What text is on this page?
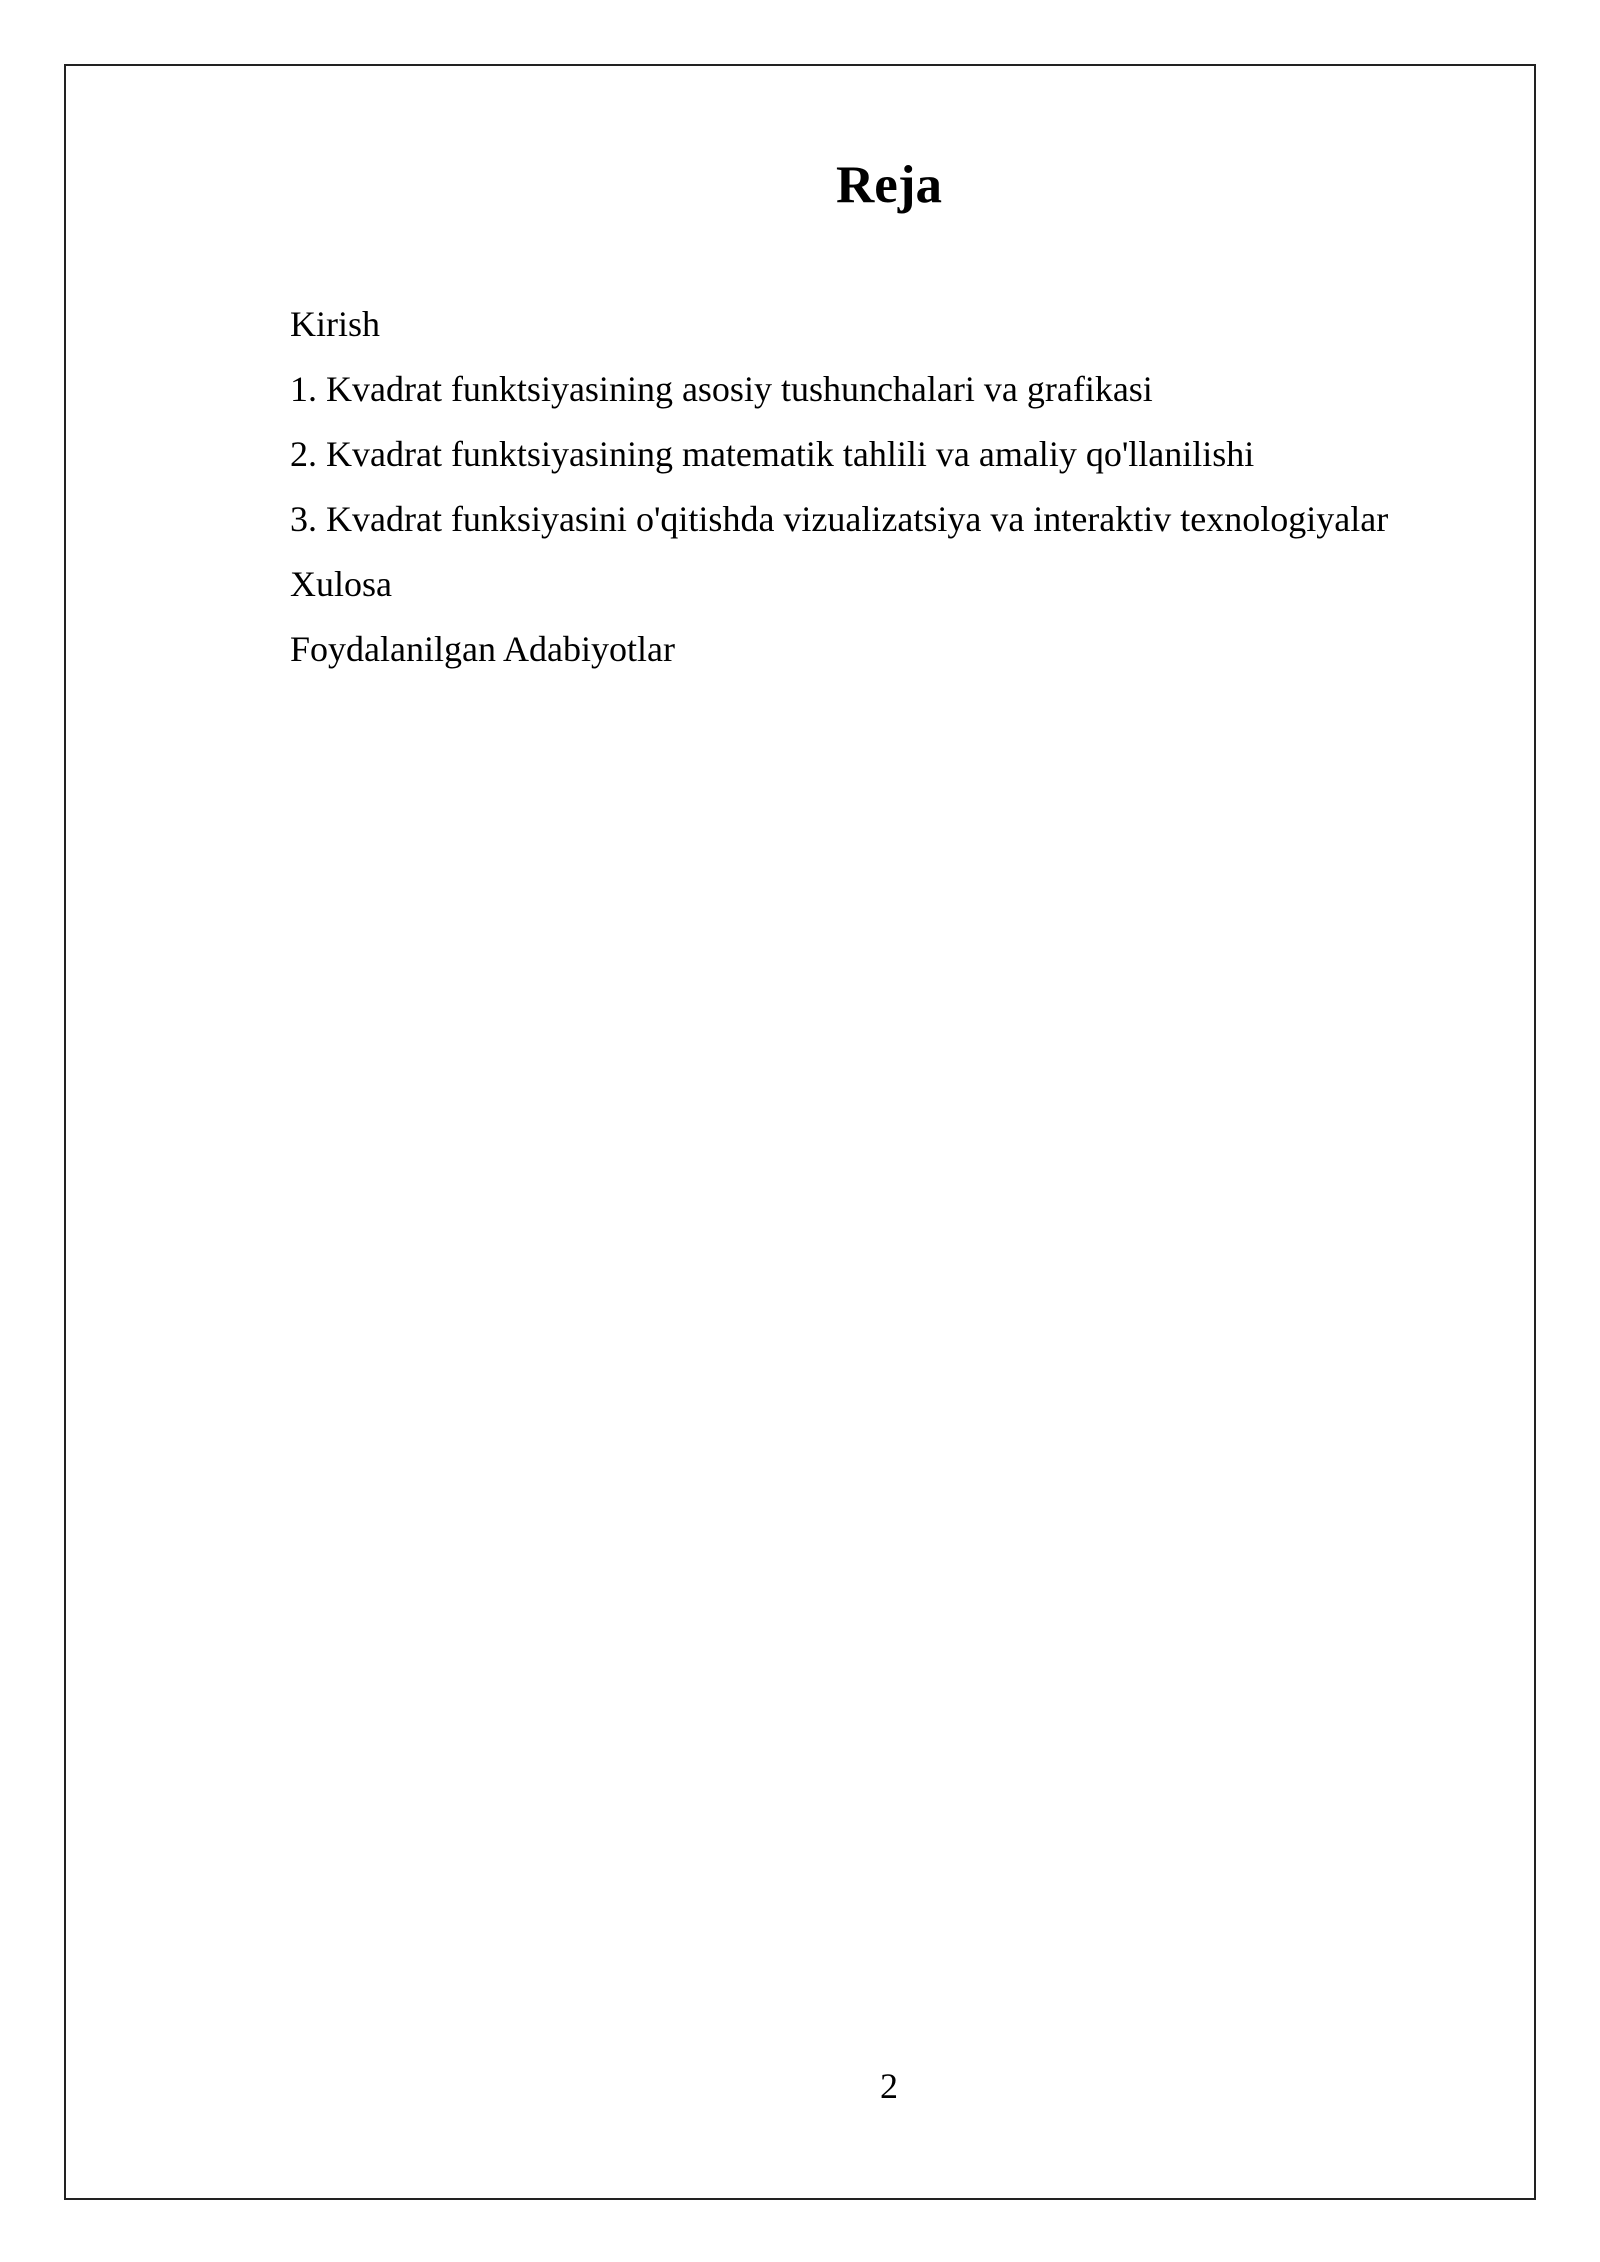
Reja
Kirish
1. Kvadrat funktsiyasining asosiy tushunchalari va grafikasi
2. Kvadrat funktsiyasining matematik tahlili va amaliy qo'llanilishi
3. Kvadrat funksiyasini o'qitishda vizualizatsiya va interaktiv texnologiyalar
Xulosa
Foydalanilgan Adabiyotlar
2
